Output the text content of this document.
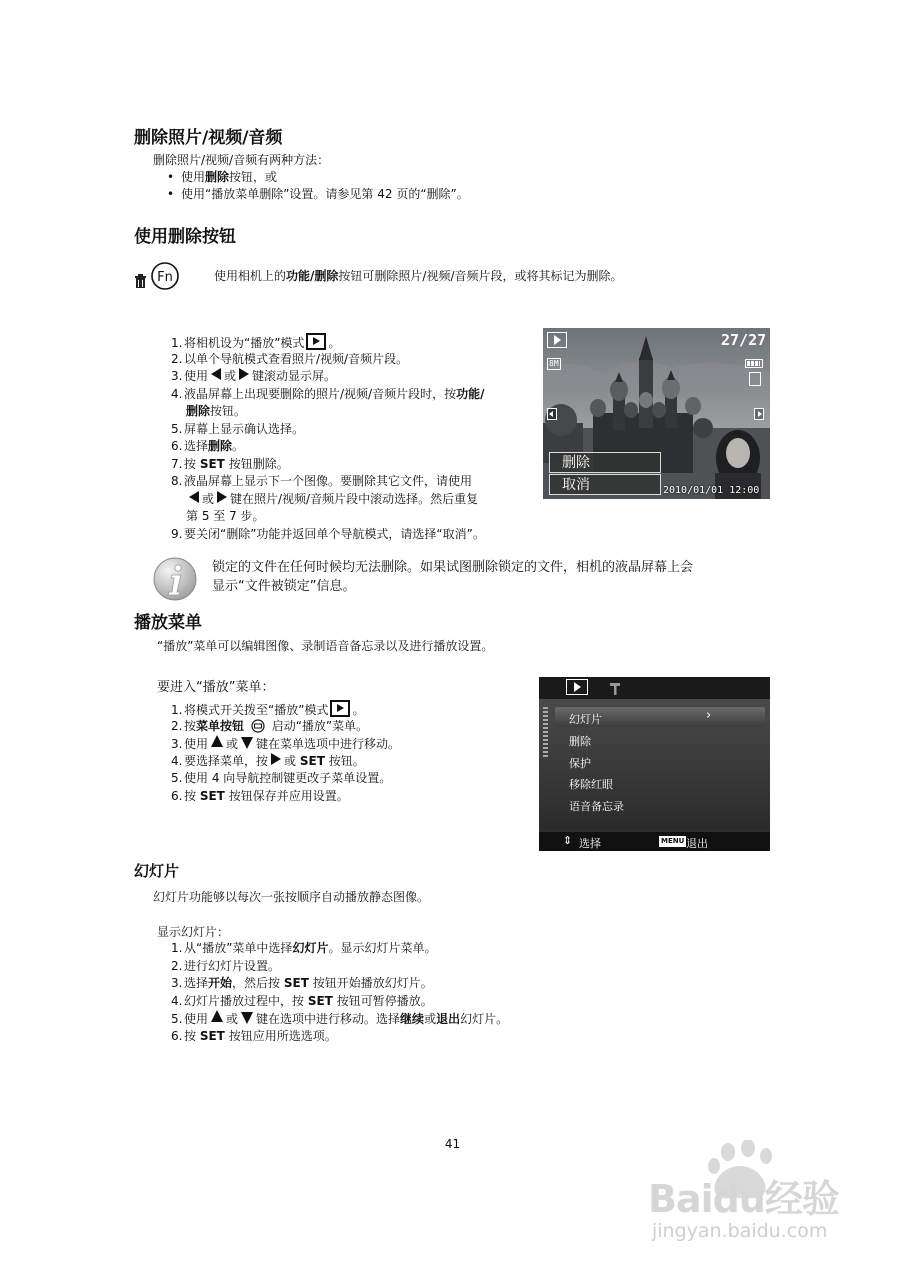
删除照片/视频/音频
删除照片/视频/音频有两种方法：
• 使用删除按钮，或
• 使用“播放菜单删除”设置。请参见第 42 页的“删除”。
使用删除按钮
Fn	使用相机上的功能/删除按钮可删除照片/视频/音频片段，或将其标记为删除。
1. 将相机设为“播放”模式 。
2. 以单个导航模式查看照片/视频/音频片段。
3. 使用 或 键滚动显示屏。
4. 液晶屏幕上出现要删除的照片/视频/音频片段时，按功能/
删除按钮。
5. 屏幕上显示确认选择。
6. 选择删除。
7. 按 SET 按钮删除。
8. 液晶屏幕上显示下一个图像。要删除其它文件，请使用
或 键在照片/视频/音频片段中滚动选择。然后重复
第 5 至 7 步。
9. 要关闭“删除”功能并返回单个导航模式，请选择“取消”。
27/27
8M
删除
取消	2010/01/01 12:00
锁定的文件在任何时候均无法删除。如果试图删除锁定的文件，相机的液晶屏幕上会
显示“文件被锁定”信息。
播放菜单
“播放”菜单可以编辑图像、录制语音备忘录以及进行播放设置。
要进入“播放”菜单：
1. 将模式开关拨至“播放”模式 。
2. 按菜单按钮 启动“播放”菜单。
3. 使用 或 键在菜单选项中进行移动。
4. 要选择菜单，按 或 SET 按钮。
5. 使用 4 向导航控制键更改子菜单设置。
6. 按 SET 按钮保存并应用设置。
幻灯片	›
删除
保护
移除红眼
语音备忘录
⇕ 选择	MENU 退出
幻灯片
幻灯片功能够以每次一张按顺序自动播放静态图像。
显示幻灯片：
1. 从“播放”菜单中选择幻灯片。显示幻灯片菜单。
2. 进行幻灯片设置。
3. 选择开始，然后按 SET 按钮开始播放幻灯片。
4. 幻灯片播放过程中，按 SET 按钮可暂停播放。
5. 使用 或 键在选项中进行移动。选择继续或退出幻灯片。
6. 按 SET 按钮应用所选选项。
41
Baidu经验
jingyan.baidu.com
